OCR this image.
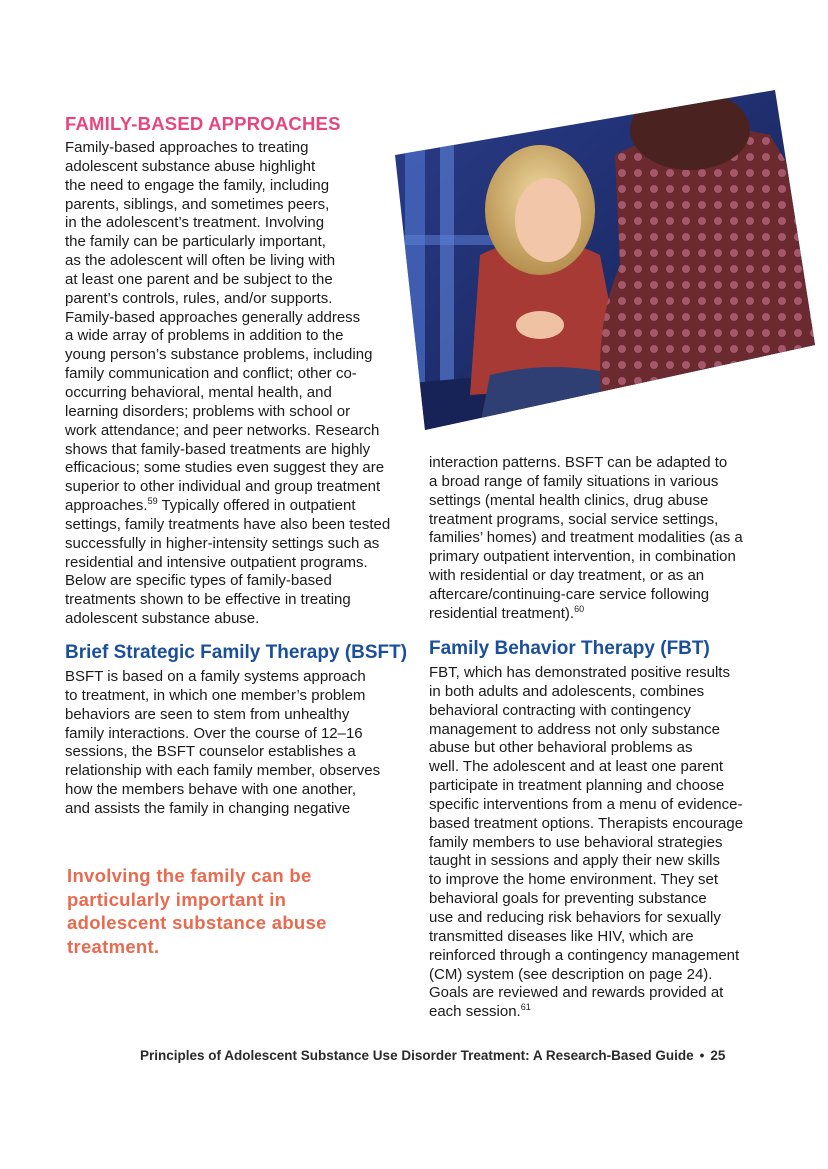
FAMILY-BASED APPROACHES
Family-based approaches to treating
adolescent substance abuse highlight
the need to engage the family, including
parents, siblings, and sometimes peers,
in the adolescent’s treatment. Involving
the family can be particularly important,
as the adolescent will often be living with
at least one parent and be subject to the
parent’s controls, rules, and/or supports.
Family-based approaches generally address
a wide array of problems in addition to the
young person’s substance problems, including
family communication and conflict; other co-
occurring behavioral, mental health, and
learning disorders; problems with school or
work attendance; and peer networks. Research
shows that family-based treatments are highly
efficacious; some studies even suggest they are
superior to other individual and group treatment
approaches.$^{59}$ Typically offered in outpatient
settings, family treatments have also been tested
successfully in higher-intensity settings such as
residential and intensive outpatient programs.
Below are specific types of family-based
treatments shown to be effective in treating
adolescent substance abuse.
Brief Strategic Family Therapy (BSFT)
BSFT is based on a family systems approach
to treatment, in which one member’s problem
behaviors are seen to stem from unhealthy
family interactions. Over the course of 12–16
sessions, the BSFT counselor establishes a
relationship with each family member, observes
how the members behave with one another,
and assists the family in changing negative
interaction patterns. BSFT can be adapted to
a broad range of family situations in various
settings (mental health clinics, drug abuse
treatment programs, social service settings,
families’ homes) and treatment modalities (as a
primary outpatient intervention, in combination
with residential or day treatment, or as an
aftercare/continuing-care service following
residential treatment).$^{60}$
Family Behavior Therapy (FBT)
FBT, which has demonstrated positive results
in both adults and adolescents, combines
behavioral contracting with contingency
management to address not only substance
abuse but other behavioral problems as
well. The adolescent and at least one parent
participate in treatment planning and choose
specific interventions from a menu of evidence-
based treatment options. Therapists encourage
family members to use behavioral strategies
taught in sessions and apply their new skills
to improve the home environment. They set
behavioral goals for preventing substance
use and reducing risk behaviors for sexually
transmitted diseases like HIV, which are
reinforced through a contingency management
(CM) system (see description on page 24).
Goals are reviewed and rewards provided at
each session.$^{61}$
Involving the family can be
particularly important in
adolescent substance abuse
treatment.
Principles of Adolescent Substance Use Disorder Treatment: A Research-Based Guide • 25
